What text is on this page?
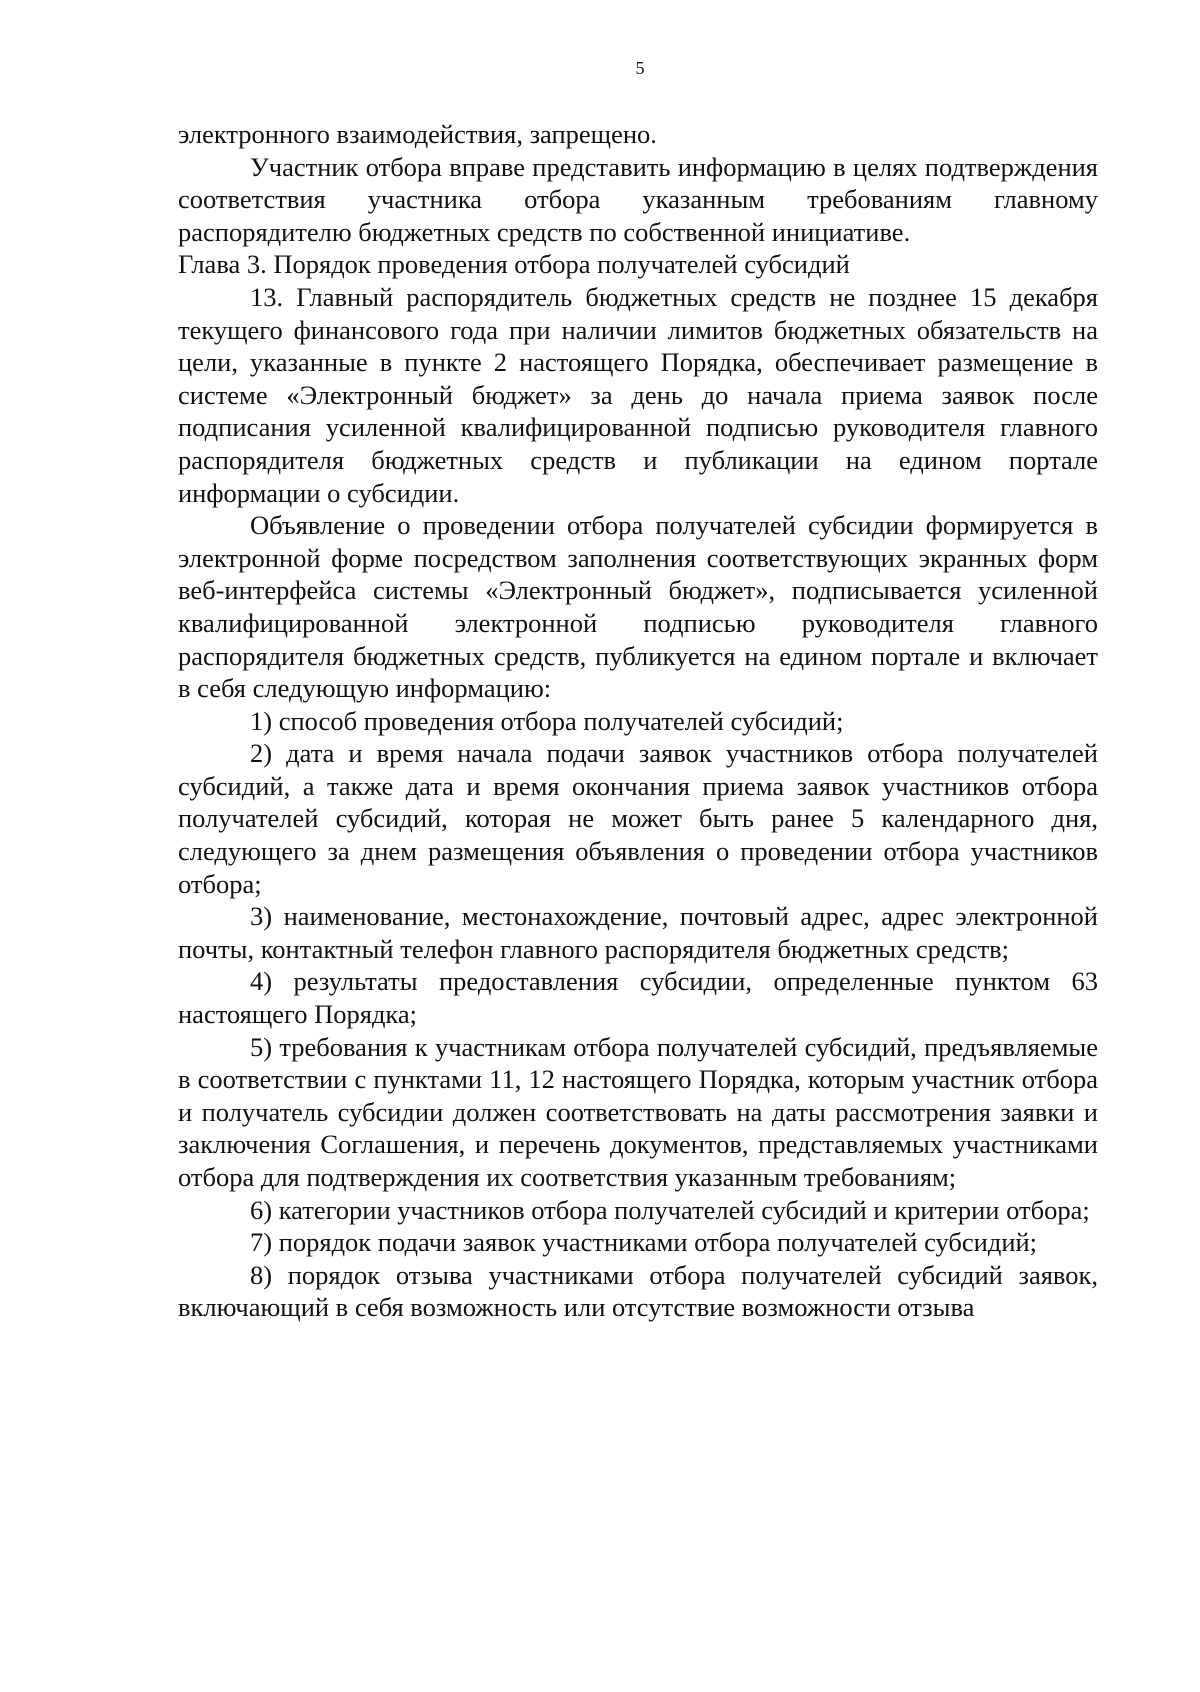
5

электронного взаимодействия, запрещено.

Участник отбора вправе представить информацию в целях подтверждения соответствия участника отбора указанным требованиям главному распорядителю бюджетных средств по собственной инициативе.

Глава 3. Порядок проведения отбора получателей субсидий

13. Главный распорядитель бюджетных средств не позднее 15 декабря текущего финансового года при наличии лимитов бюджетных обязательств на цели, указанные в пункте 2 настоящего Порядка, обеспечивает размещение в системе «Электронный бюджет» за день до начала приема заявок после подписания усиленной квалифицированной подписью руководителя главного распорядителя бюджетных средств и публикации на едином портале информации о субсидии.

Объявление о проведении отбора получателей субсидии формируется в электронной форме посредством заполнения соответствующих экранных форм веб-интерфейса системы «Электронный бюджет», подписывается усиленной квалифицированной электронной подписью руководителя главного распорядителя бюджетных средств, публикуется на едином портале и включает в себя следующую информацию:

1) способ проведения отбора получателей субсидий;

2) дата и время начала подачи заявок участников отбора получателей субсидий, а также дата и время окончания приема заявок участников отбора получателей субсидий, которая не может быть ранее 5 календарного дня, следующего за днем размещения объявления о проведении отбора участников отбора;

3) наименование, местонахождение, почтовый адрес, адрес электронной почты, контактный телефон главного распорядителя бюджетных средств;

4) результаты предоставления субсидии, определенные пунктом 63 настоящего Порядка;

5) требования к участникам отбора получателей субсидий, предъявляемые в соответствии с пунктами 11, 12 настоящего Порядка, которым участник отбора и получатель субсидии должен соответствовать на даты рассмотрения заявки и заключения Соглашения, и перечень документов, представляемых участниками отбора для подтверждения их соответствия указанным требованиям;

6) категории участников отбора получателей субсидий и критерии отбора;

7) порядок подачи заявок участниками отбора получателей субсидий;

8) порядок отзыва участниками отбора получателей субсидий заявок, включающий в себя возможность или отсутствие возможности отзыва
